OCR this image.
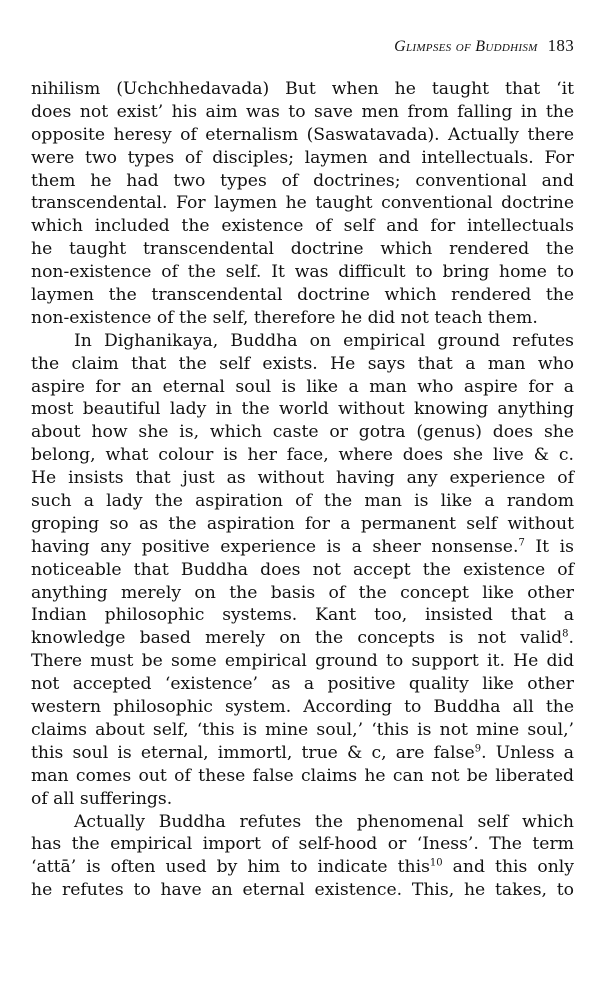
Glimpses of Buddhism 183
nihilism (Uchchhedavada) But when he taught that ‘it
does not exist’ his aim was to save men from falling in the
opposite heresy of eternalism (Saswatavada). Actually there
were two types of disciples; laymen and intellectuals. For
them he had two types of doctrines; conventional and
transcendental. For laymen he taught conventional doctrine
which included the existence of self and for intellectuals
he taught transcendental doctrine which rendered the
non-existence of the self. It was difficult to bring home to
laymen the transcendental doctrine which rendered the
non-existence of the self, therefore he did not teach them.
In Dighanikaya, Buddha on empirical ground refutes
the claim that the self exists. He says that a man who
aspire for an eternal soul is like a man who aspire for a
most beautiful lady in the world without knowing anything
about how she is, which caste or gotra (genus) does she
belong, what colour is her face, where does she live & c.
He insists that just as without having any experience of
such a lady the aspiration of the man is like a random
groping so as the aspiration for a permanent self without
having any positive experience is a sheer nonsense.$^7$ It is
noticeable that Buddha does not accept the existence of
anything merely on the basis of the concept like other
Indian philosophic systems. Kant too, insisted that a
knowledge based merely on the concepts is not valid$^8$.
There must be some empirical ground to support it. He did
not accepted ‘existence’ as a positive quality like other
western philosophic system. According to Buddha all the
claims about self, ‘this is mine soul,’ ‘this is not mine soul,’
this soul is eternal, immortl, true & c, are false$^9$. Unless a
man comes out of these false claims he can not be liberated
of all sufferings.
Actually Buddha refutes the phenomenal self which
has the empirical import of self-hood or ‘Iness’. The term
‘attā’ is often used by him to indicate this$^{10}$ and this only
he refutes to have an eternal existence. This, he takes, to
